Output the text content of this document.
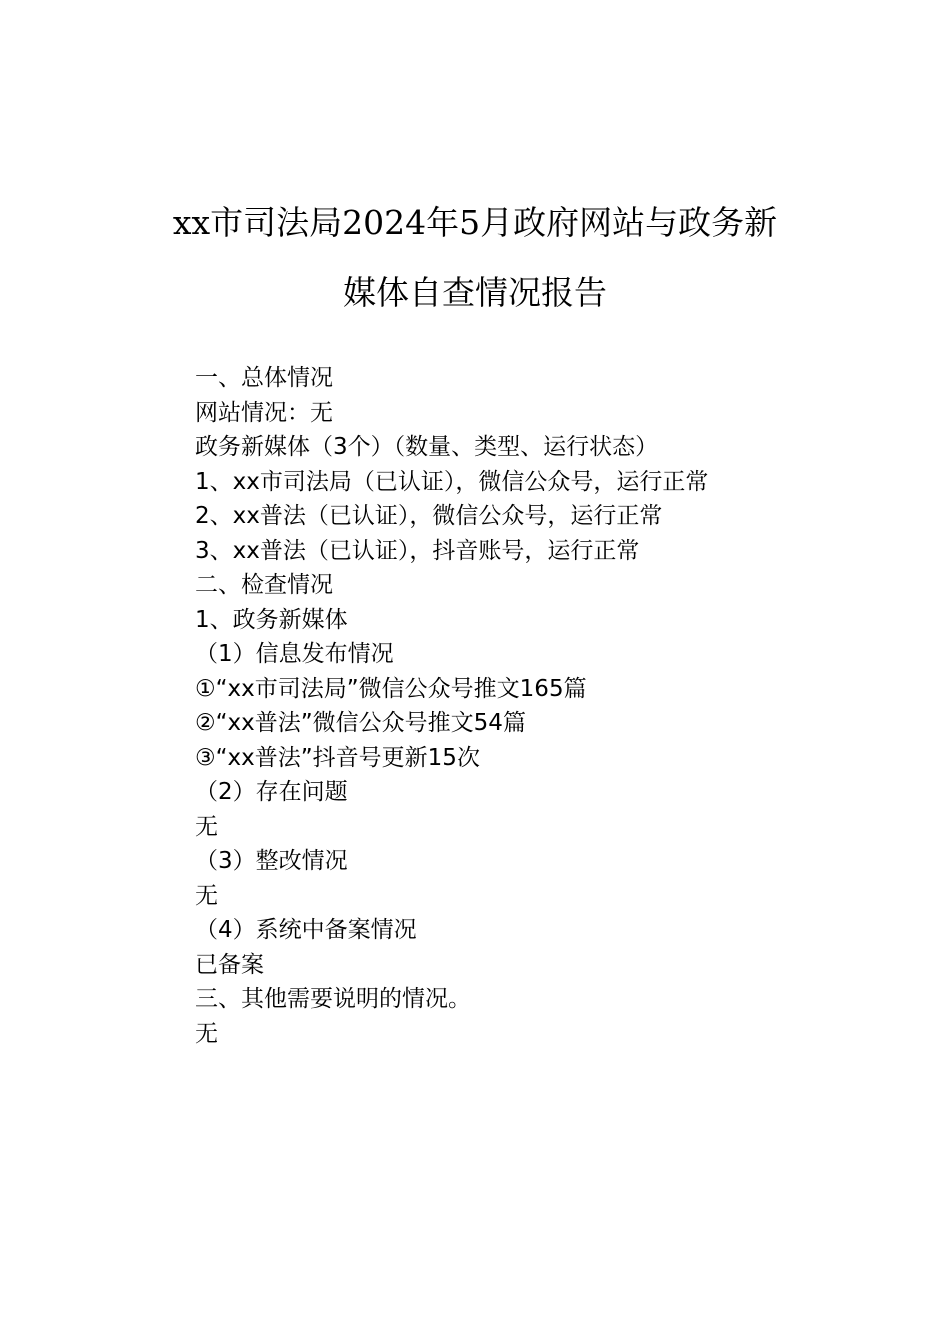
xx市司法局2024年5月政府网站与政务新
媒体自查情况报告
一、总体情况
网站情况：无
政务新媒体（3个）（数量、类型、运行状态）
1、xx市司法局（已认证），微信公众号，运行正常
2、xx普法（已认证），微信公众号，运行正常
3、xx普法（已认证），抖音账号，运行正常
二、检查情况
1、政务新媒体
（1）信息发布情况
①“xx市司法局”微信公众号推文165篇
②“xx普法”微信公众号推文54篇
③“xx普法”抖音号更新15次
（2）存在问题
无
（3）整改情况
无
（4）系统中备案情况
已备案
三、其他需要说明的情况。
无
